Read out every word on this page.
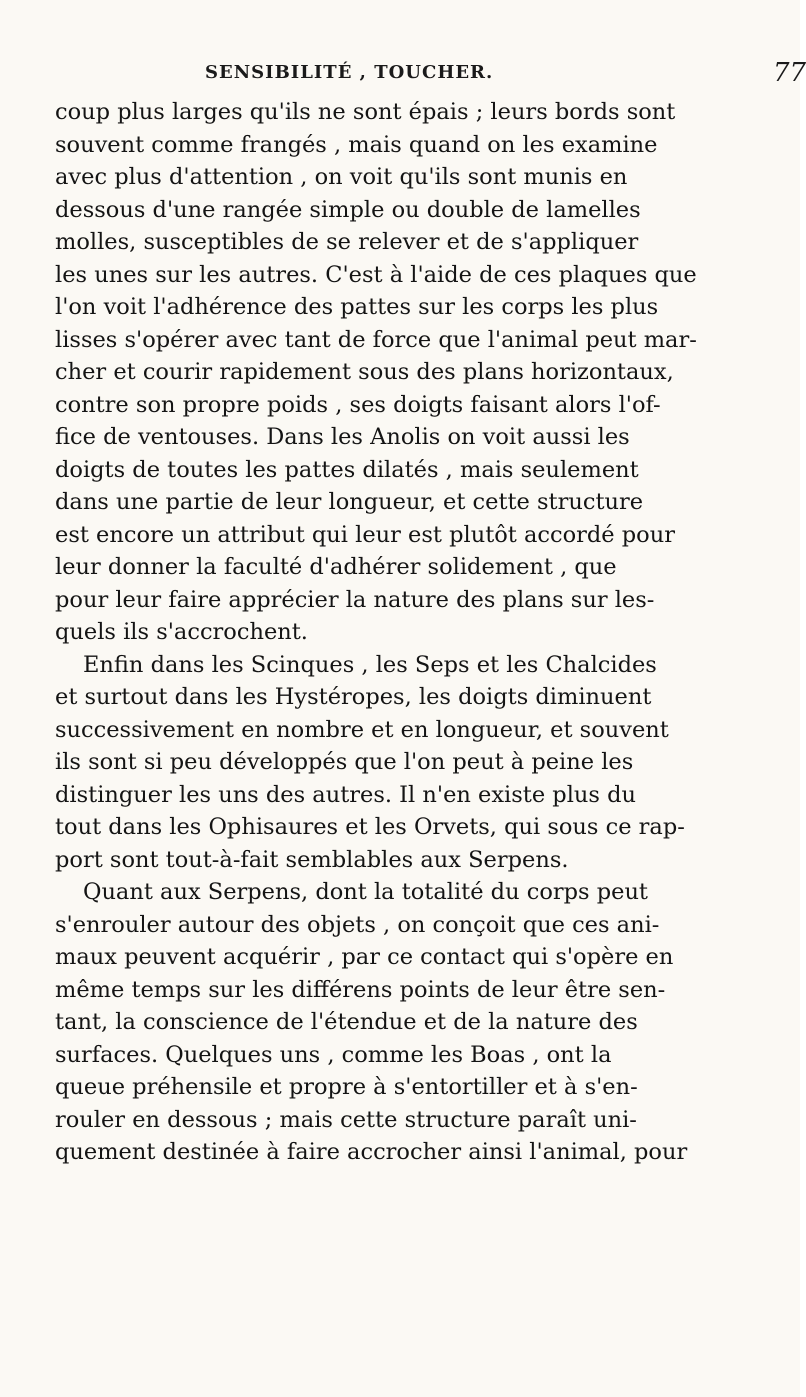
SENSIBILITÉ , TOUCHER.	77
coup plus larges qu'ils ne sont épais ; leurs bords sont
souvent comme frangés , mais quand on les examine
avec plus d'attention , on voit qu'ils sont munis en
dessous d'une rangée simple ou double de lamelles
molles, susceptibles de se relever et de s'appliquer
les unes sur les autres. C'est à l'aide de ces plaques que
l'on voit l'adhérence des pattes sur les corps les plus
lisses s'opérer avec tant de force que l'animal peut mar-
cher et courir rapidement sous des plans horizontaux,
contre son propre poids , ses doigts faisant alors l'of-
fice de ventouses. Dans les Anolis on voit aussi les
doigts de toutes les pattes dilatés , mais seulement
dans une partie de leur longueur, et cette structure
est encore un attribut qui leur est plutôt accordé pour
leur donner la faculté d'adhérer solidement , que
pour leur faire apprécier la nature des plans sur les-
quels ils s'accrochent.
Enfin dans les Scinques , les Seps et les Chalcides
et surtout dans les Hystéropes, les doigts diminuent
successivement en nombre et en longueur, et souvent
ils sont si peu développés que l'on peut à peine les
distinguer les uns des autres. Il n'en existe plus du
tout dans les Ophisaures et les Orvets, qui sous ce rap-
port sont tout-à-fait semblables aux Serpens.
Quant aux Serpens, dont la totalité du corps peut
s'enrouler autour des objets , on conçoit que ces ani-
maux peuvent acquérir , par ce contact qui s'opère en
même temps sur les différens points de leur être sen-
tant, la conscience de l'étendue et de la nature des
surfaces. Quelques uns , comme les Boas , ont la
queue préhensile et propre à s'entortiller et à s'en-
rouler en dessous ; mais cette structure paraît uni-
quement destinée à faire accrocher ainsi l'animal, pour
